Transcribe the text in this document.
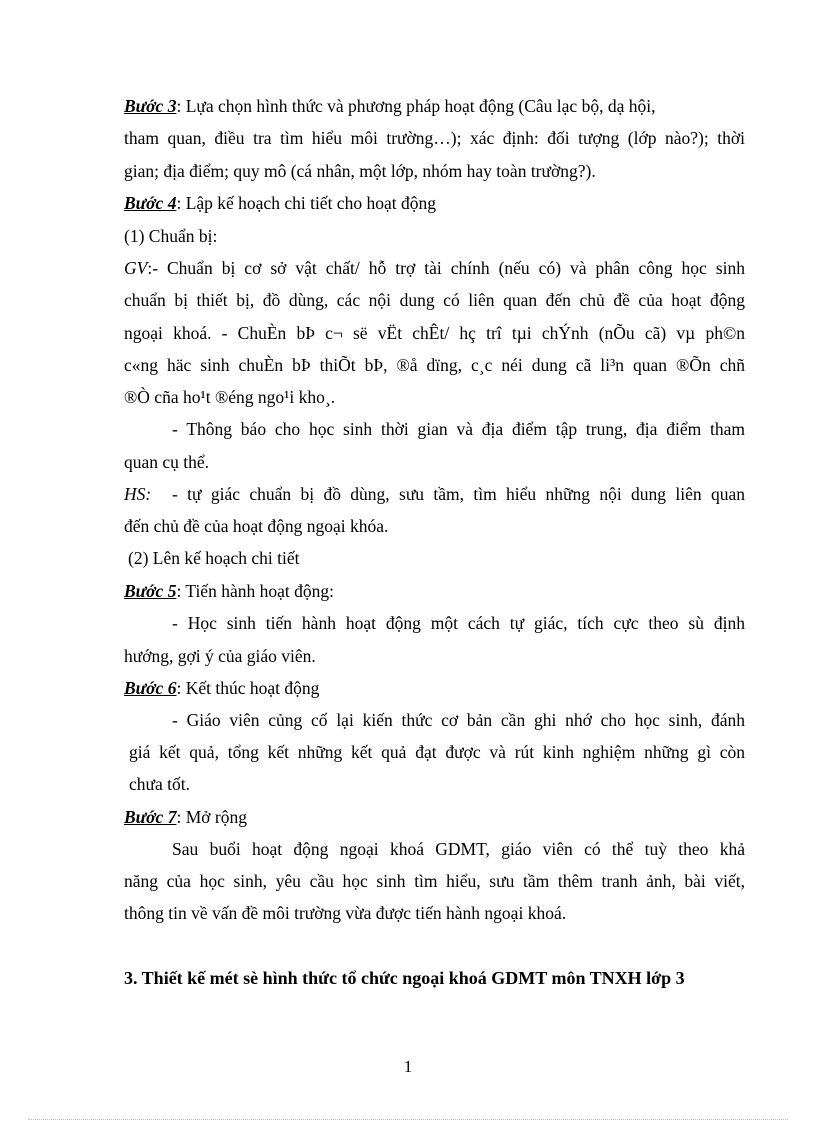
Bước 3: Lựa chọn hình thức và phương pháp hoạt động (Câu lạc bộ, dạ hội,
tham quan, điều tra tìm hiểu môi trường…); xác định: đối tượng (lớp nào?); thời
gian; địa điểm; quy mô (cá nhân, một lớp, nhóm hay toàn trường?).
Bước 4: Lập kế hoạch chi tiết cho hoạt động
(1) Chuẩn bị:
GV :- Chuẩn bị cơ sở vật chất/ hỗ trợ tài chính (nếu có) và phân công học sinh
chuẩn bị thiết bị, đồ dùng, các nội dung có liên quan đến chủ đề của hoạt động
ngoại khoá. - ChuÈn bÞ c¬ së vËt chÊt/ hç trî tµi chÝnh (nÕu cã) vµ ph©n
c«ng häc sinh chuÈn bÞ thiÕt bÞ, ®å dïng, c¸c néi dung cã li³n quan ®Õn chñ
®Ò cña ho¹t ®éng ngo¹i kho¸.
- Thông báo cho học sinh thời gian và địa điểm tập trung, địa điểm tham
quan cụ thể.
HS:	- tự giác chuẩn bị đồ dùng, sưu tầm, tìm hiểu những nội dung liên quan
đến chủ đề của hoạt động ngoại khóa.
(2) Lên kế hoạch chi tiết
Bước 5: Tiến hành hoạt động:
- Học sinh tiến hành hoạt động một cách tự giác, tích cực theo sù định
hướng, gợi ý của giáo viên.
Bước 6: Kết thúc hoạt động
- Giáo viên củng cố lại kiến thức cơ bản cần ghi nhớ cho học sinh, đánh
giá kết quả, tổng kết những kết quả đạt được và rút kinh nghiệm những gì còn
chưa tốt.
Bước 7: Mở rộng
Sau buổi hoạt động ngoại khoá GDMT, giáo viên có thể tuỳ theo khả
năng của học sinh, yêu cầu học sinh tìm hiểu, sưu tầm thêm tranh ảnh, bài viết,
thông tin về vấn đề môi trường vừa được tiến hành ngoại khoá.
3. Thiết kế mét sè hình thức tổ chức ngoại khoá GDMT môn TNXH lớp 3
1
